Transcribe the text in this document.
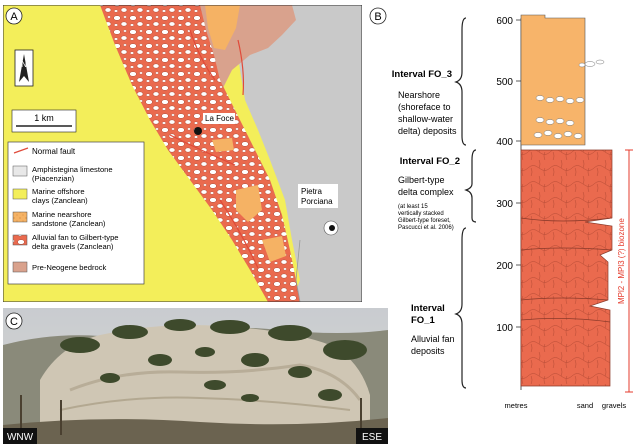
A
N
1 km	La Foce
Pietra
Porciana
Normal fault
Amphistegina limestone
(Piacenzian)
Marine offshore
clays (Zanclean)
Marine nearshore
sandstone (Zanclean)
Alluvial fan to Gilbert-type
delta gravels (Zanclean)
Pre-Neogene bedrock
B	600
500
400
300
200
100
metres	sand gravels
MPl2 - MPl3 (?) biozone
Interval FO_3
Nearshore
(shoreface to
shallow-water
delta) deposits
Interval FO_2
Gilbert-type
delta complex
(at least 15
vertically stacked
Gilbert-type foreset,
Pascucci et al. 2006)
Interval
FO_1
Alluvial fan
deposits
C
WNW	ESE
